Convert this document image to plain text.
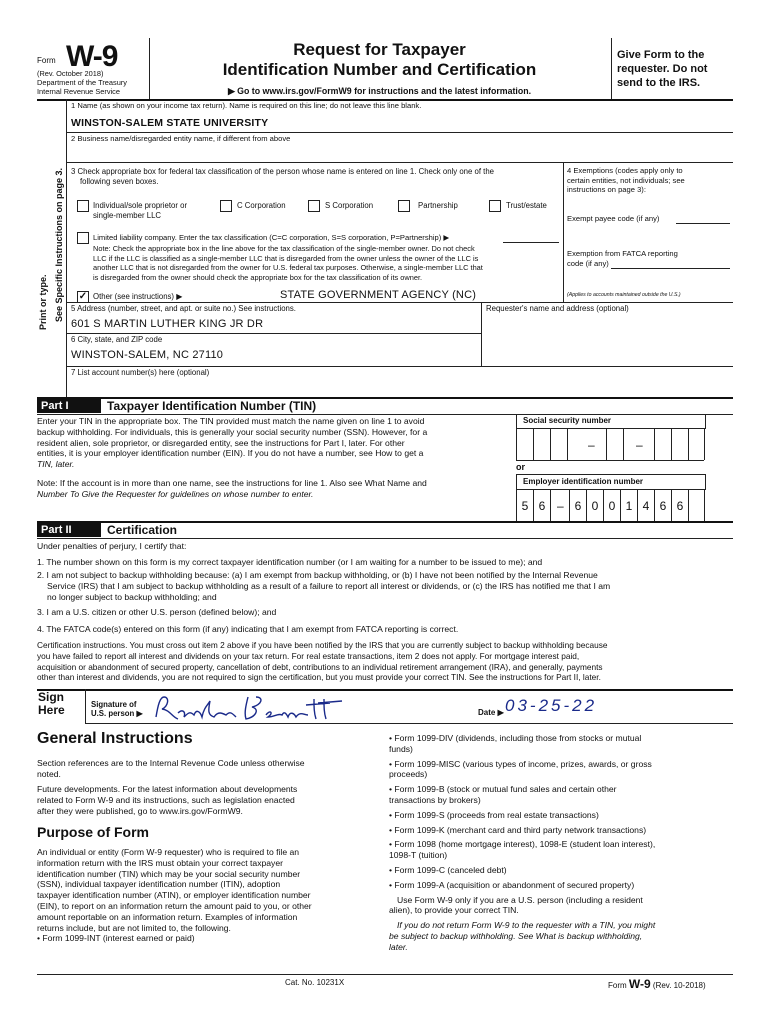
Form W-9
(Rev. October 2018)
Department of the Treasury
Internal Revenue Service
Request for Taxpayer
Identification Number and Certification
▶ Go to www.irs.gov/FormW9 for instructions and the latest information.
Give Form to the requester. Do not send to the IRS.
Print or type. See Specific Instructions on page 3.
1 Name (as shown on your income tax return). Name is required on this line; do not leave this line blank.
WINSTON-SALEM STATE UNIVERSITY
2 Business name/disregarded entity name, if different from above
3 Check appropriate box for federal tax classification of the person whose name is entered on line 1. Check only one of the
following seven boxes.
Individual/sole proprietor or
single-member LLC
C Corporation	S Corporation	Partnership	Trust/estate
Limited liability company. Enter the tax classification (C=C corporation, S=S corporation, P=Partnership) ▶
Note: Check the appropriate box in the line above for the tax classification of the single-member owner. Do not check
LLC if the LLC is classified as a single-member LLC that is disregarded from the owner unless the owner of the LLC is
another LLC that is not disregarded from the owner for U.S. federal tax purposes. Otherwise, a single-member LLC that
is disregarded from the owner should check the appropriate box for the tax classification of its owner.
✓ Other (see instructions) ▶	STATE GOVERNMENT AGENCY (NC)
4 Exemptions (codes apply only to
certain entities, not individuals; see
instructions on page 3):
Exempt payee code (if any)
Exemption from FATCA reporting
code (if any)
(Applies to accounts maintained outside the U.S.)
5 Address (number, street, and apt. or suite no.) See instructions.
601 S MARTIN LUTHER KING JR DR
Requester's name and address (optional)
6 City, state, and ZIP code
WINSTON-SALEM, NC 27110
7 List account number(s) here (optional)
Part I	Taxpayer Identification Number (TIN)
Enter your TIN in the appropriate box. The TIN provided must match the name given on line 1 to avoid
backup withholding. For individuals, this is generally your social security number (SSN). However, for a
resident alien, sole proprietor, or disregarded entity, see the instructions for Part I, later. For other
entities, it is your employer identification number (EIN). If you do not have a number, see How to get a
TIN, later.
Note: If the account is in more than one name, see the instructions for line 1. Also see What Name and
Number To Give the Requester for guidelines on whose number to enter.
Social security number
–	–
or
Employer identification number
5 6 – 6 0 0 1 4 6 6
Part II	Certification
Under penalties of perjury, I certify that:
1. The number shown on this form is my correct taxpayer identification number (or I am waiting for a number to be issued to me); and
2. I am not subject to backup withholding because: (a) I am exempt from backup withholding, or (b) I have not been notified by the Internal Revenue
Service (IRS) that I am subject to backup withholding as a result of a failure to report all interest or dividends, or (c) the IRS has notified me that I am
no longer subject to backup withholding; and
3. I am a U.S. citizen or other U.S. person (defined below); and
4. The FATCA code(s) entered on this form (if any) indicating that I am exempt from FATCA reporting is correct.
Certification instructions. You must cross out item 2 above if you have been notified by the IRS that you are currently subject to backup withholding because
you have failed to report all interest and dividends on your tax return. For real estate transactions, item 2 does not apply. For mortgage interest paid,
acquisition or abandonment of secured property, cancellation of debt, contributions to an individual retirement arrangement (IRA), and generally, payments
other than interest and dividends, you are not required to sign the certification, but you must provide your correct TIN. See the instructions for Part II, later.
Sign
Here	Signature of
U.S. person ▶	Date ▶ 03-25-22
General Instructions
Section references are to the Internal Revenue Code unless otherwise
noted.
Future developments. For the latest information about developments
related to Form W-9 and its instructions, such as legislation enacted
after they were published, go to www.irs.gov/FormW9.
Purpose of Form
An individual or entity (Form W-9 requester) who is required to file an
information return with the IRS must obtain your correct taxpayer
identification number (TIN) which may be your social security number
(SSN), individual taxpayer identification number (ITIN), adoption
taxpayer identification number (ATIN), or employer identification number
(EIN), to report on an information return the amount paid to you, or other
amount reportable on an information return. Examples of information
returns include, but are not limited to, the following.
• Form 1099-INT (interest earned or paid)
• Form 1099-DIV (dividends, including those from stocks or mutual
funds)
• Form 1099-MISC (various types of income, prizes, awards, or gross
proceeds)
• Form 1099-B (stock or mutual fund sales and certain other
transactions by brokers)
• Form 1099-S (proceeds from real estate transactions)
• Form 1099-K (merchant card and third party network transactions)
• Form 1098 (home mortgage interest), 1098-E (student loan interest),
1098-T (tuition)
• Form 1099-C (canceled debt)
• Form 1099-A (acquisition or abandonment of secured property)
Use Form W-9 only if you are a U.S. person (including a resident
alien), to provide your correct TIN.
If you do not return Form W-9 to the requester with a TIN, you might
be subject to backup withholding. See What is backup withholding,
later.
Cat. No. 10231X	Form W-9 (Rev. 10-2018)
